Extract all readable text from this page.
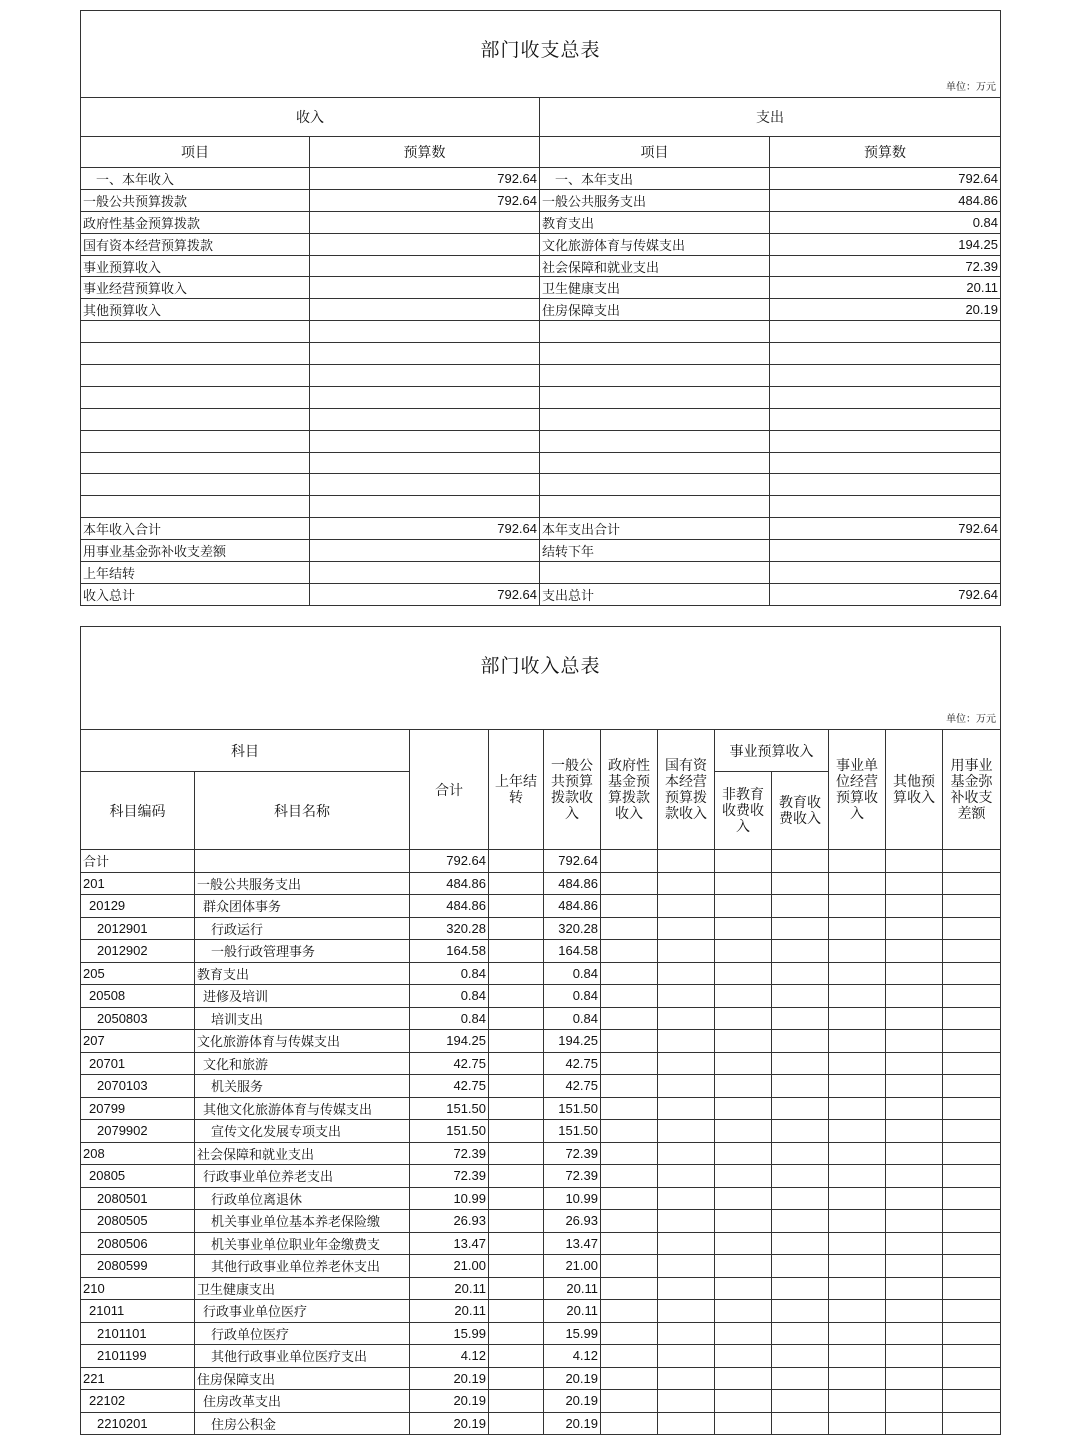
部门收支总表
单位：万元			

收入		支出	
项目	预算数	项目	预算数
　一、本年收入	792.64	　一、本年支出	792.64
一般公共预算拨款	792.64	一般公共服务支出	484.86
政府性基金预算拨款		教育支出	0.84
国有资本经营预算拨款		文化旅游体育与传媒支出	194.25
事业预算收入		社会保障和就业支出	72.39
事业经营预算收入		卫生健康支出	20.11
其他预算收入		住房保障支出	20.19

本年收入合计	792.64	本年支出合计	792.64
用事业基金弥补收支差额		结转下年	
上年结转			
收入总计	792.64	支出总计	792.64
部门收入总表
单位：万元											

科目		合计	上年结转	一般公共预算拨款收入	政府性基金预算拨款收入	国有资本经营预算拨款收入	事业预算收入		事业单位经营预算收入	其他预算收入	用事业基金弥补收支差额
科目编码	科目名称						非教育收费收入	教育收费收入			

合计		792.64		792.64							
201	一般公共服务支出	484.86		484.86							
20129	群众团体事务	484.86		484.86							
2012901	行政运行	320.28		320.28							
2012902	一般行政管理事务	164.58		164.58							
205	教育支出	0.84		0.84							
20508	进修及培训	0.84		0.84							
2050803	培训支出	0.84		0.84							
207	文化旅游体育与传媒支出	194.25		194.25							
20701	文化和旅游	42.75		42.75							
2070103	机关服务	42.75		42.75							
20799	其他文化旅游体育与传媒支出	151.50		151.50							
2079902	宣传文化发展专项支出	151.50		151.50							
208	社会保障和就业支出	72.39		72.39							
20805	行政事业单位养老支出	72.39		72.39							
2080501	行政单位离退休	10.99		10.99							
2080505	机关事业单位基本养老保险缴	26.93		26.93							
2080506	机关事业单位职业年金缴费支	13.47		13.47							
2080599	其他行政事业单位养老休支出	21.00		21.00							
210	卫生健康支出	20.11		20.11							
21011	行政事业单位医疗	20.11		20.11							
2101101	行政单位医疗	15.99		15.99							
2101199	其他行政事业单位医疗支出	4.12		4.12							
221	住房保障支出	20.19		20.19							
22102	住房改革支出	20.19		20.19							
2210201	住房公积金	20.19		20.19							
